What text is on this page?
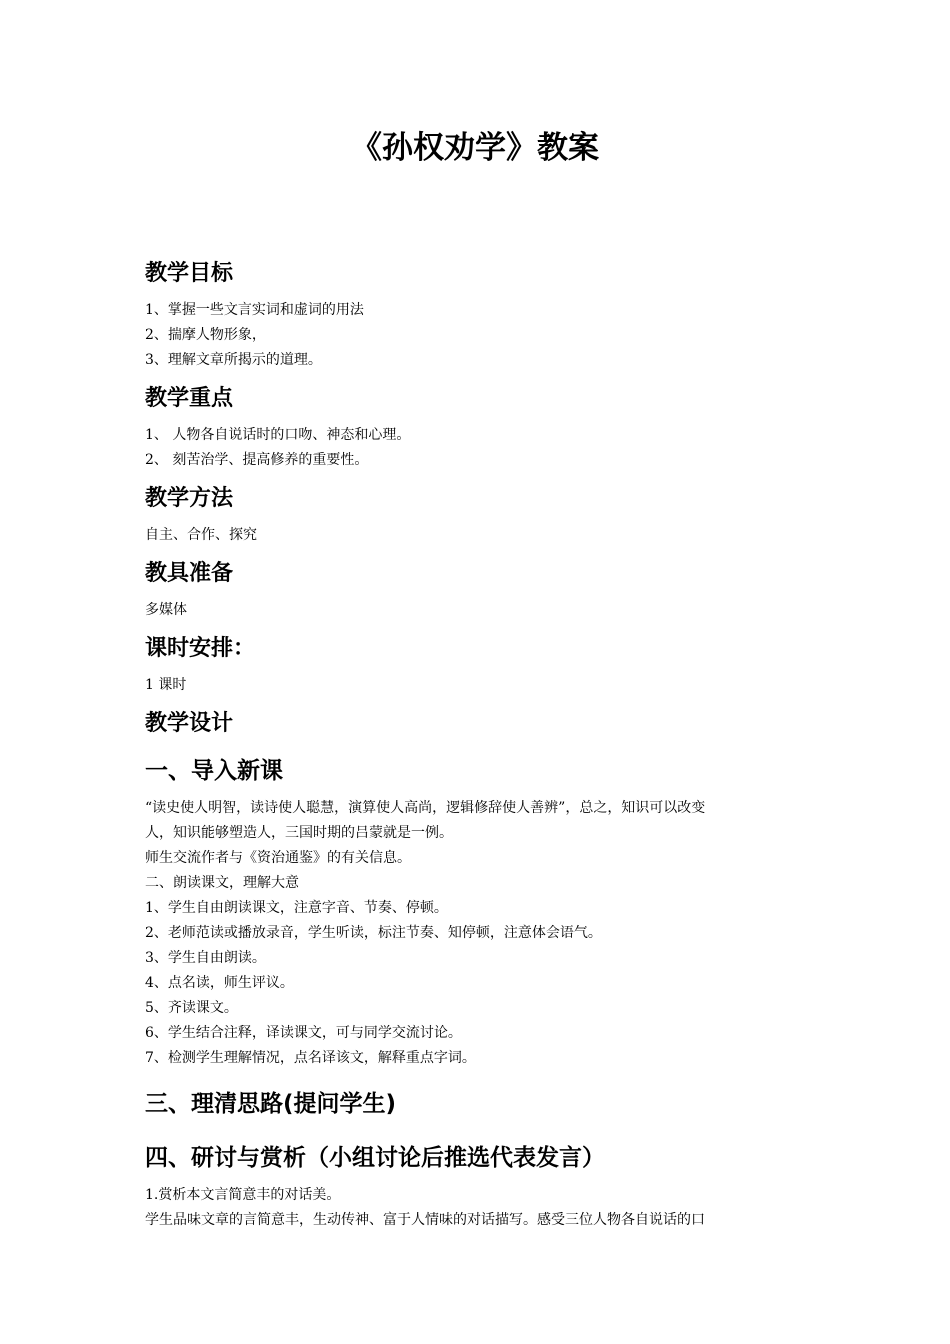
《孙权劝学》教案
教学目标
1、掌握一些文言实词和虚词的用法
2、揣摩人物形象，
3、理解文章所揭示的道理。
教学重点
1、 人物各自说话时的口吻、神态和心理。
2、 刻苦治学、提高修养的重要性。
教学方法
自主、合作、探究
教具准备
多媒体
课时安排：
1 课时
教学设计
一、导入新课
“读史使人明智，读诗使人聪慧，演算使人高尚，逻辑修辞使人善辨”，总之，知识可以改变
人，知识能够塑造人，三国时期的吕蒙就是一例。
师生交流作者与《资治通鉴》的有关信息。
二、朗读课文，理解大意
1、学生自由朗读课文，注意字音、节奏、停顿。
2、老师范读或播放录音，学生听读，标注节奏、知停顿，注意体会语气。
3、学生自由朗读。
4、点名读，师生评议。
5、齐读课文。
6、学生结合注释，译读课文，可与同学交流讨论。
7、检测学生理解情况，点名译该文，解释重点字词。
三、理清思路(提问学生)
四、研讨与赏析（小组讨论后推选代表发言）
1.赏析本文言简意丰的对话美。
学生品味文章的言简意丰，生动传神、富于人情味的对话描写。感受三位人物各自说话的口
